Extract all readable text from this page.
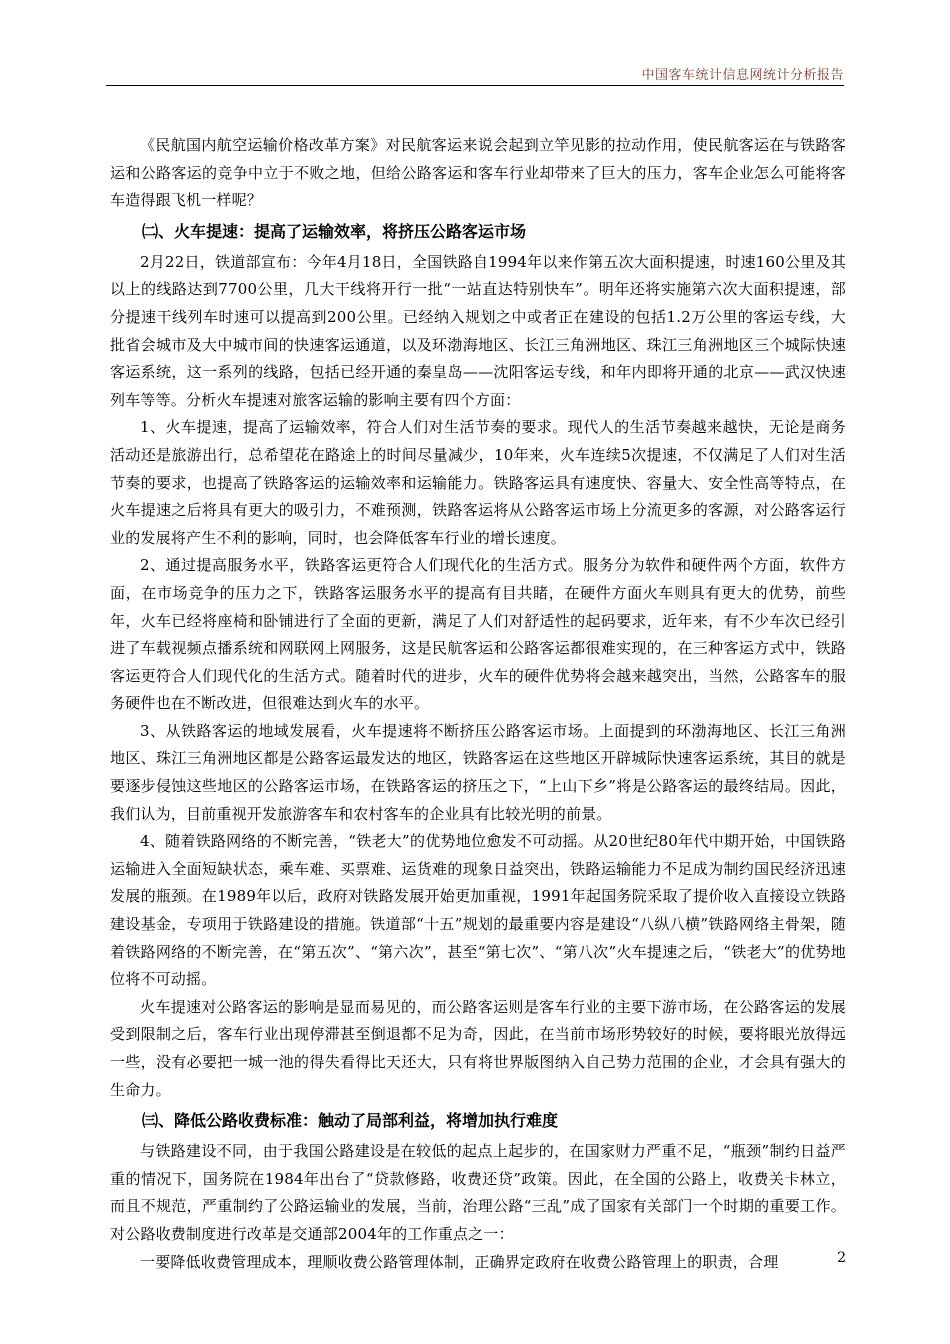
中国客车统计信息网统计分析报告

《民航国内航空运输价格改革方案》对民航客运来说会起到立竿见影的拉动作用，使民航客运在与铁路客运和公路客运的竞争中立于不败之地，但给公路客运和客车行业却带来了巨大的压力，客车企业怎么可能将客车造得跟飞机一样呢？

㈡、火车提速：提高了运输效率，将挤压公路客运市场

2月22日，铁道部宣布：今年4月18日，全国铁路自1994年以来作第五次大面积提速，时速160公里及其以上的线路达到7700公里，几大干线将开行一批“一站直达特别快车”。明年还将实施第六次大面积提速，部分提速干线列车时速可以提高到200公里。已经纳入规划之中或者正在建设的包括1.2万公里的客运专线，大批省会城市及大中城市间的快速客运通道，以及环渤海地区、长江三角洲地区、珠江三角洲地区三个城际快速客运系统，这一系列的线路，包括已经开通的秦皇岛——沈阳客运专线，和年内即将开通的北京——武汉快速列车等等。分析火车提速对旅客运输的影响主要有四个方面：

1、火车提速，提高了运输效率，符合人们对生活节奏的要求。现代人的生活节奏越来越快，无论是商务活动还是旅游出行，总希望花在路途上的时间尽量减少，10年来，火车连续5次提速，不仅满足了人们对生活节奏的要求，也提高了铁路客运的运输效率和运输能力。铁路客运具有速度快、容量大、安全性高等特点，在火车提速之后将具有更大的吸引力，不难预测，铁路客运将从公路客运市场上分流更多的客源，对公路客运行业的发展将产生不利的影响，同时，也会降低客车行业的增长速度。

2、通过提高服务水平，铁路客运更符合人们现代化的生活方式。服务分为软件和硬件两个方面，软件方面，在市场竞争的压力之下，铁路客运服务水平的提高有目共睹，在硬件方面火车则具有更大的优势，前些年，火车已经将座椅和卧铺进行了全面的更新，满足了人们对舒适性的起码要求，近年来，有不少车次已经引进了车载视频点播系统和网联网上网服务，这是民航客运和公路客运都很难实现的，在三种客运方式中，铁路客运更符合人们现代化的生活方式。随着时代的进步，火车的硬件优势将会越来越突出，当然，公路客车的服务硬件也在不断改进，但很难达到火车的水平。

3、从铁路客运的地域发展看，火车提速将不断挤压公路客运市场。上面提到的环渤海地区、长江三角洲地区、珠江三角洲地区都是公路客运最发达的地区，铁路客运在这些地区开辟城际快速客运系统，其目的就是要逐步侵蚀这些地区的公路客运市场，在铁路客运的挤压之下，“上山下乡”将是公路客运的最终结局。因此，我们认为，目前重视开发旅游客车和农村客车的企业具有比较光明的前景。

4、随着铁路网络的不断完善，“铁老大”的优势地位愈发不可动摇。从20世纪80年代中期开始，中国铁路运输进入全面短缺状态，乘车难、买票难、运货难的现象日益突出，铁路运输能力不足成为制约国民经济迅速发展的瓶颈。在1989年以后，政府对铁路发展开始更加重视，1991年起国务院采取了提价收入直接设立铁路建设基金，专项用于铁路建设的措施。铁道部“十五”规划的最重要内容是建设“八纵八横”铁路网络主骨架，随着铁路网络的不断完善，在“第五次”、“第六次”，甚至“第七次”、“第八次”火车提速之后，“铁老大”的优势地位将不可动摇。

火车提速对公路客运的影响是显而易见的，而公路客运则是客车行业的主要下游市场，在公路客运的发展受到限制之后，客车行业出现停滞甚至倒退都不足为奇，因此，在当前市场形势较好的时候，要将眼光放得远一些，没有必要把一城一池的得失看得比天还大，只有将世界版图纳入自己势力范围的企业，才会具有强大的生命力。

㈢、降低公路收费标准：触动了局部利益，将增加执行难度

与铁路建设不同，由于我国公路建设是在较低的起点上起步的，在国家财力严重不足，“瓶颈”制约日益严重的情况下，国务院在1984年出台了“贷款修路，收费还贷”政策。因此，在全国的公路上，收费关卡林立，而且不规范，严重制约了公路运输业的发展，当前，治理公路“三乱”成了国家有关部门一个时期的重要工作。对公路收费制度进行改革是交通部2004年的工作重点之一：

一要降低收费管理成本，理顺收费公路管理体制，正确界定政府在收费公路管理上的职责，合理	2
